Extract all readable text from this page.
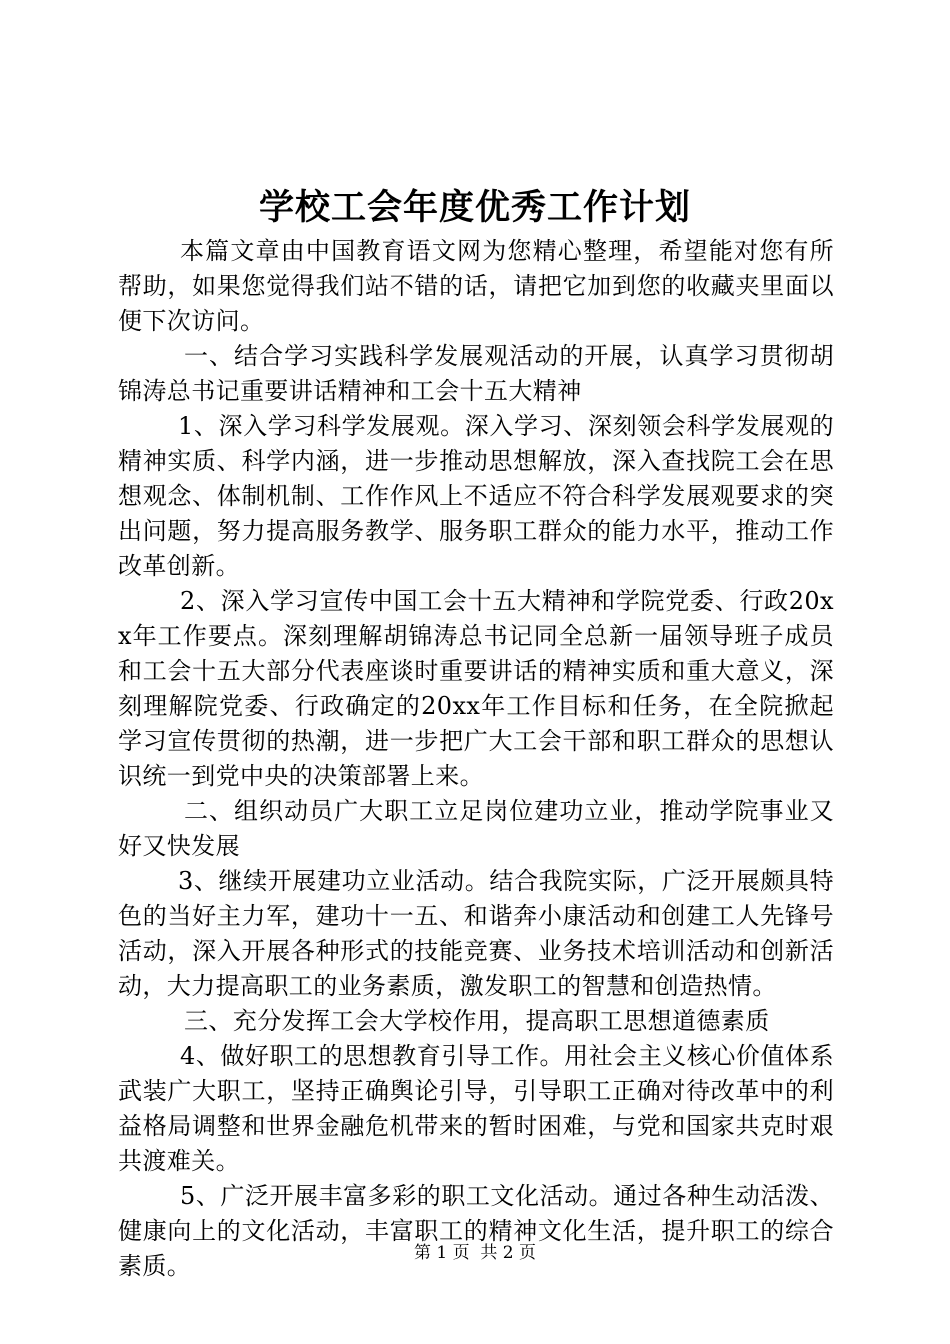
学校工会年度优秀工作计划

本篇文章由中国教育语文网为您精心整理，希望能对您有所帮助，如果您觉得我们站不错的话，请把它加到您的收藏夹里面以便下次访问。

一、结合学习实践科学发展观活动的开展，认真学习贯彻胡锦涛总书记重要讲话精神和工会十五大精神

1、深入学习科学发展观。深入学习、深刻领会科学发展观的精神实质、科学内涵，进一步推动思想解放，深入查找院工会在思想观念、体制机制、工作作风上不适应不符合科学发展观要求的突出问题，努力提高服务教学、服务职工群众的能力水平，推动工作改革创新。

2、深入学习宣传中国工会十五大精神和学院党委、行政20xx年工作要点。深刻理解胡锦涛总书记同全总新一届领导班子成员和工会十五大部分代表座谈时重要讲话的精神实质和重大意义，深刻理解院党委、行政确定的20xx年工作目标和任务，在全院掀起学习宣传贯彻的热潮，进一步把广大工会干部和职工群众的思想认识统一到党中央的决策部署上来。

二、组织动员广大职工立足岗位建功立业，推动学院事业又好又快发展

3、继续开展建功立业活动。结合我院实际，广泛开展颇具特色的当好主力军，建功十一五、和谐奔小康活动和创建工人先锋号活动，深入开展各种形式的技能竞赛、业务技术培训活动和创新活动，大力提高职工的业务素质，激发职工的智慧和创造热情。

三、充分发挥工会大学校作用，提高职工思想道德素质

4、做好职工的思想教育引导工作。用社会主义核心价值体系武装广大职工，坚持正确舆论引导，引导职工正确对待改革中的利益格局调整和世界金融危机带来的暂时困难，与党和国家共克时艰共渡难关。

5、广泛开展丰富多彩的职工文化活动。通过各种生动活泼、健康向上的文化活动，丰富职工的精神文化生活，提升职工的综合素质。	第 1 页  共 2 页
